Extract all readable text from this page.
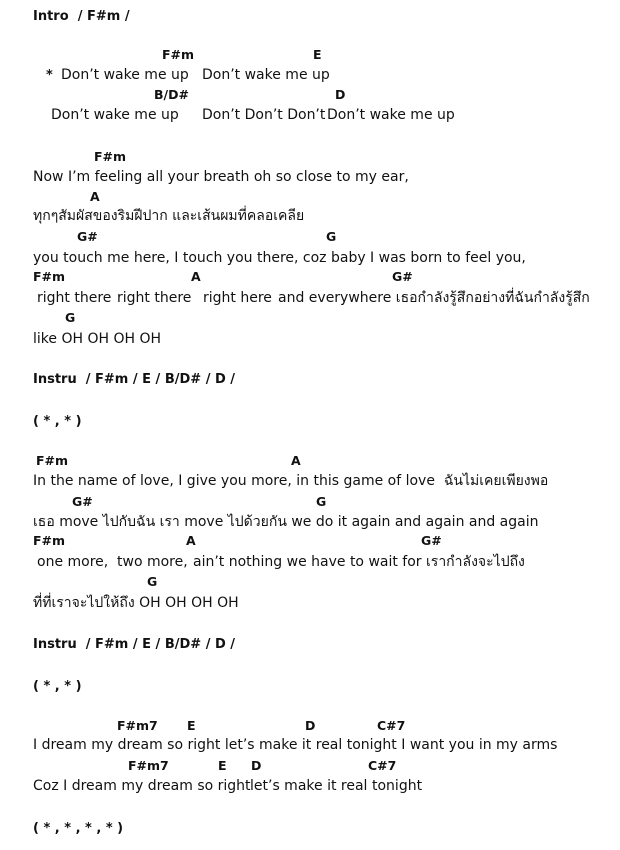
Intro  / F#m /
F#m	E
* Don’t wake me up Don’t wake me up
B/D#	D
Don’t wake me up Don’t Don’t Don’t Don’t wake me up
F#m
Now I’m feeling all your breath oh so close to my ear,
A
ทุกๆสัมผัสของริมฝีปาก และเส้นผมที่คลอเคลีย
G#	G
you touch me here, I touch you there, coz baby I was born to feel you,
F#m	A	G#
right there right there right here and everywhere เธอกำลังรู้สึกอย่างที่ฉันกำลังรู้สึก
G
like OH OH OH OH
Instru  / F#m / E / B/D# / D /
( * , * )
F#m	A
In the name of love, I give you more, in this game of love  ฉันไม่เคยเพียงพอ
G#	G
เธอ move ไปกับฉัน เรา move ไปด้วยกัน we do it again and again and again
F#m	A	G#
one more, two more, ain’t nothing we have to wait for เรากำลังจะไปถึง
G
ที่ที่เราจะไปให้ถึง OH OH OH OH
Instru  / F#m / E / B/D# / D /
( * , * )
F#m7 E	D	C#7
I dream my dream so right let’s make it real tonight I want you in my arms
F#m7	E D	C#7
Coz I dream my dream so right let’s make it real tonight
( * , * , * , * )
